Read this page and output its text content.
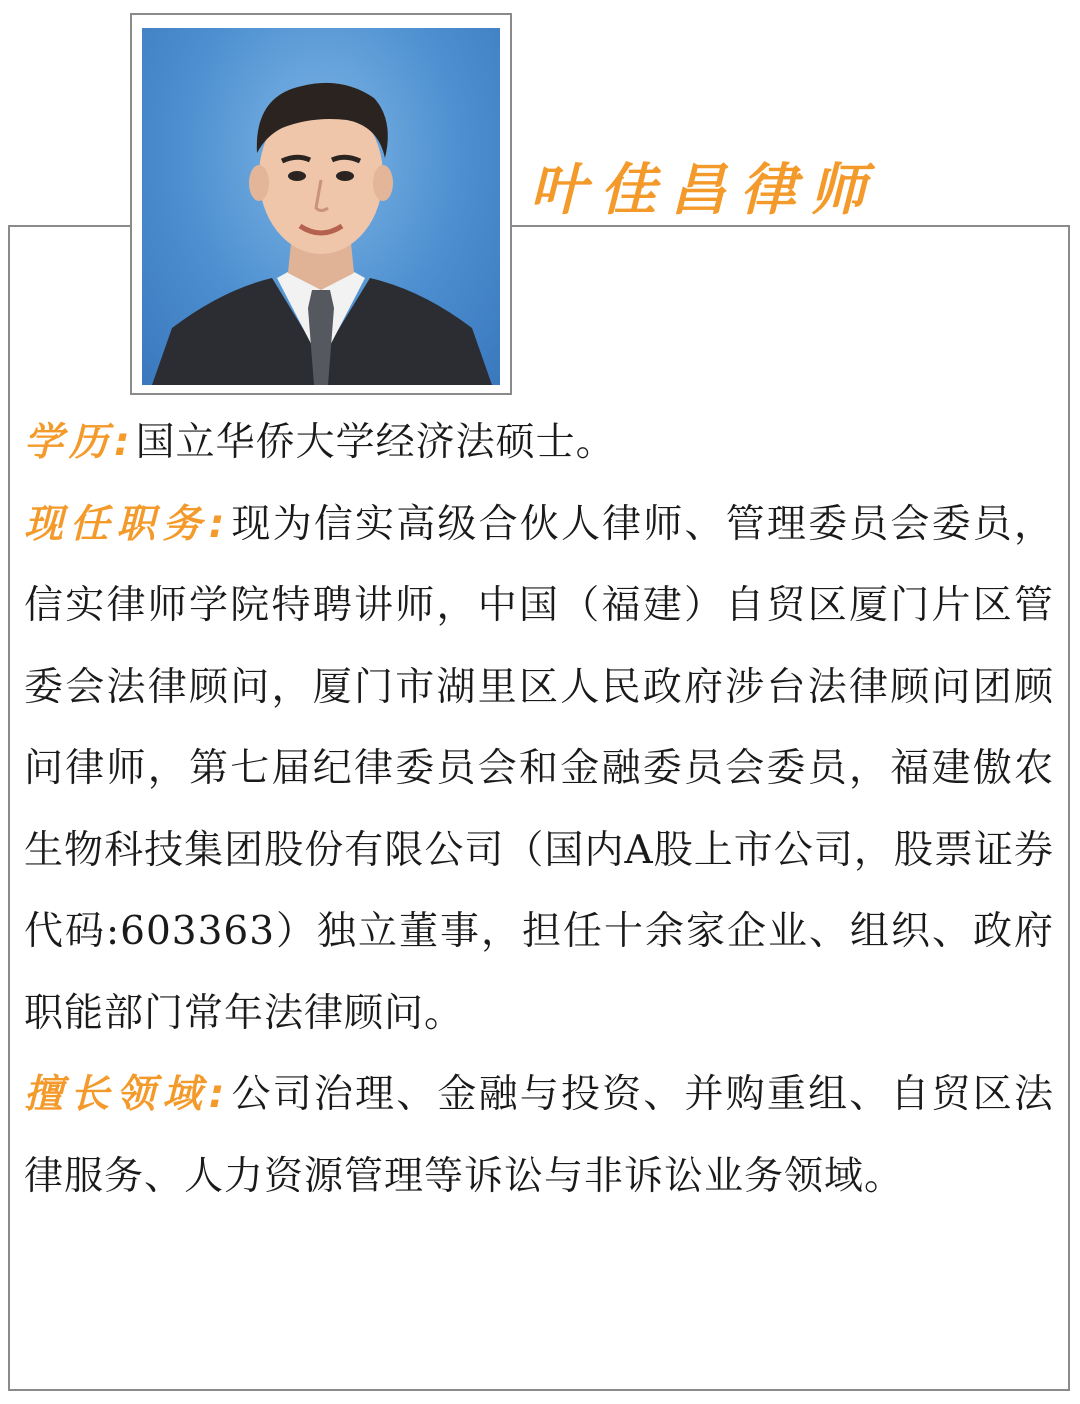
叶佳昌律师

学历:国立华侨大学经济法硕士。

现任职务:现为信实高级合伙人律师、管理委员会委员，信实律师学院特聘讲师，中国（福建）自贸区厦门片区管委会法律顾问，厦门市湖里区人民政府涉台法律顾问团顾问律师，第七届纪律委员会和金融委员会委员，福建傲农生物科技集团股份有限公司（国内A股上市公司，股票证券代码:603363）独立董事，担任十余家企业、组织、政府职能部门常年法律顾问。

擅长领域:公司治理、金融与投资、并购重组、自贸区法律服务、人力资源管理等诉讼与非诉讼业务领域。
